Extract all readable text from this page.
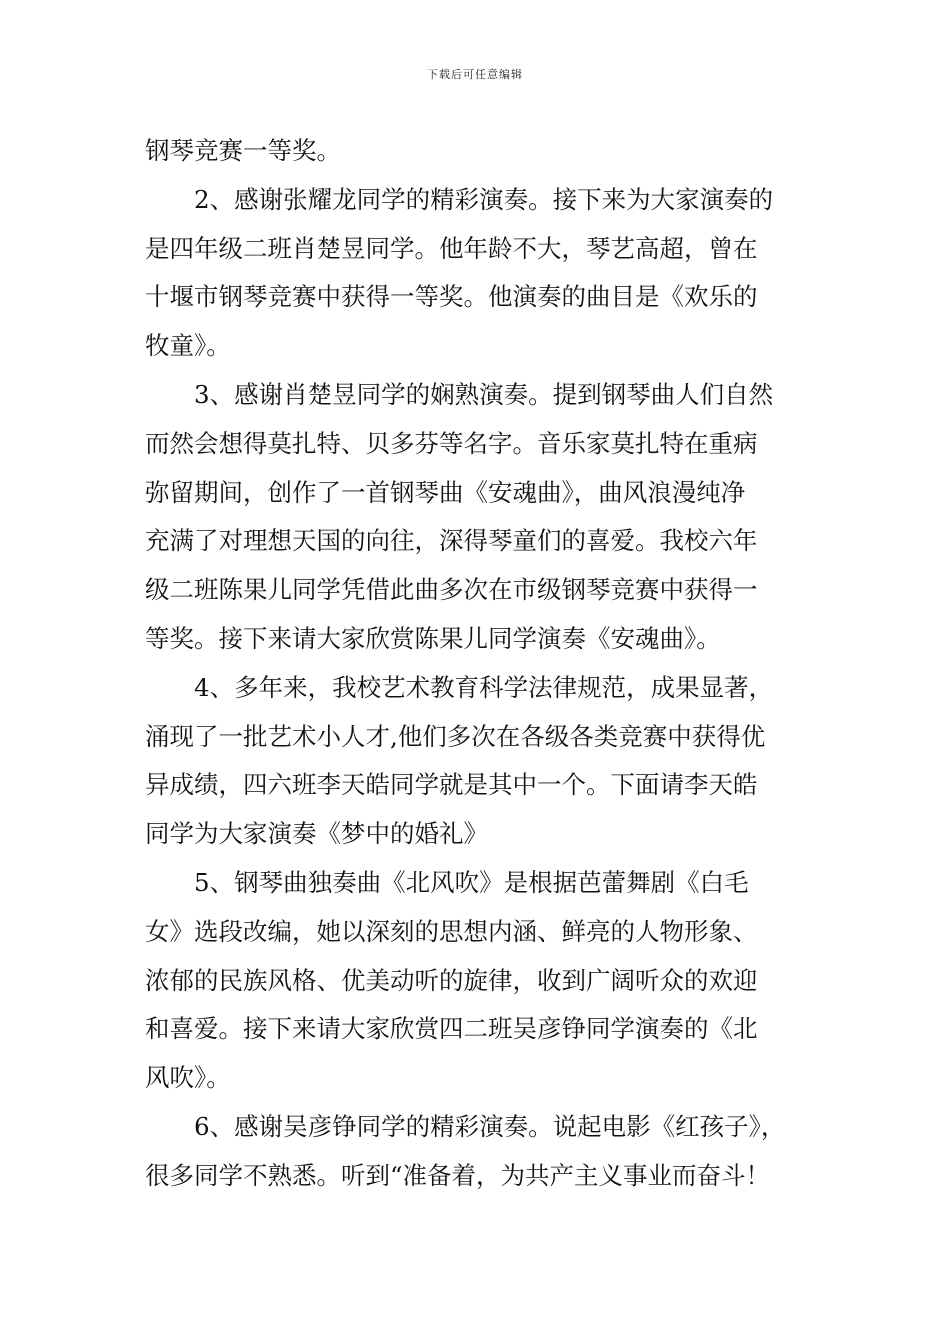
下载后可任意编辑
钢琴竞赛一等奖。
2、感谢张耀龙同学的精彩演奏。接下来为大家演奏的
是四年级二班肖楚昱同学。他年龄不大，琴艺高超，曾在
十堰市钢琴竞赛中获得一等奖。他演奏的曲目是《欢乐的
牧童》。
3、感谢肖楚昱同学的娴熟演奏。提到钢琴曲人们自然
而然会想得莫扎特、贝多芬等名字。音乐家莫扎特在重病
弥留期间，创作了一首钢琴曲《安魂曲》，曲风浪漫纯净
充满了对理想天国的向往，深得琴童们的喜爱。我校六年
级二班陈果儿同学凭借此曲多次在市级钢琴竞赛中获得一
等奖。接下来请大家欣赏陈果儿同学演奏《安魂曲》。
4、多年来，我校艺术教育科学法律规范，成果显著，
涌现了一批艺术小人才,他们多次在各级各类竞赛中获得优
异成绩，四六班李天皓同学就是其中一个。下面请李天皓
同学为大家演奏《梦中的婚礼》
5、钢琴曲独奏曲《北风吹》是根据芭蕾舞剧《白毛
女》选段改编，她以深刻的思想内涵、鲜亮的人物形象、
浓郁的民族风格、优美动听的旋律，收到广阔听众的欢迎
和喜爱。接下来请大家欣赏四二班吴彦铮同学演奏的《北
风吹》。
6、感谢吴彦铮同学的精彩演奏。说起电影《红孩子》，
很多同学不熟悉。听到“准备着，为共产主义事业而奋斗！
